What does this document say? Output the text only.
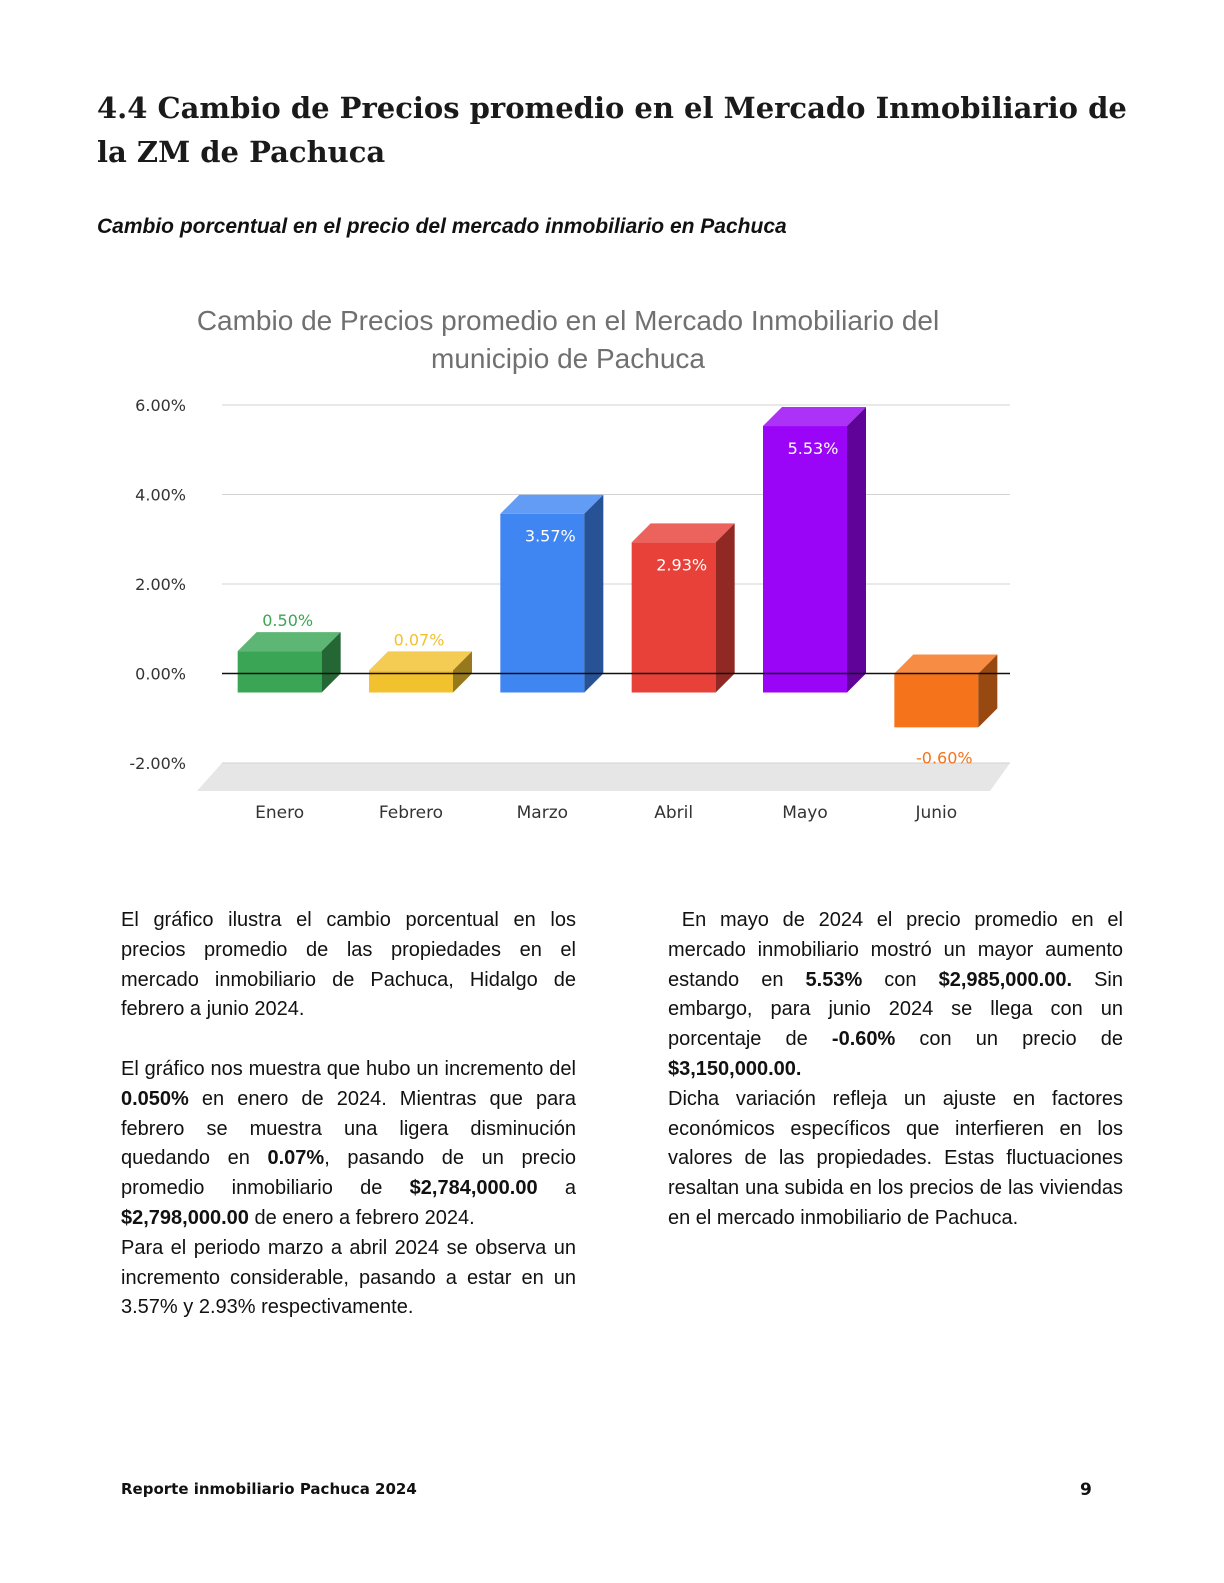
4.4 Cambio de Precios promedio en el Mercado Inmobiliario de la ZM de Pachuca
Cambio porcentual en el precio del mercado inmobiliario en Pachuca
Cambio de Precios promedio en el Mercado Inmobiliario del
municipio de Pachuca
6.00%
4.00%
2.00%
0.00%
-2.00%
0.50%
0.07%
3.57%
2.93%
5.53%
-0.60%
Enero	Febrero	Marzo	Abril	Mayo	Junio

El gráfico ilustra el cambio porcentual en los precios promedio de las propiedades en el mercado inmobiliario de Pachuca, Hidalgo de febrero a junio 2024.

El gráfico nos muestra que hubo un incremento del 0.050% en enero de 2024. Mientras que para febrero se muestra una ligera disminución quedando en 0.07%, pasando de un precio promedio inmobiliario de $2,784,000.00 a $2,798,000.00 de enero a febrero 2024.

Para el periodo marzo a abril 2024 se observa un incremento considerable, pasando a estar en un 3.57% y 2.93% respectivamente.

En mayo de 2024 el precio promedio en el mercado inmobiliario mostró un mayor aumento estando en 5.53% con $2,985,000.00. Sin embargo, para junio 2024 se llega con un porcentaje de -0.60% con un precio de $3,150,000.00.

Dicha variación refleja un ajuste en factores económicos específicos que interfieren en los valores de las propiedades. Estas fluctuaciones resaltan una subida en los precios de las viviendas en el mercado inmobiliario de Pachuca.

Reporte inmobiliario Pachuca 2024	9
